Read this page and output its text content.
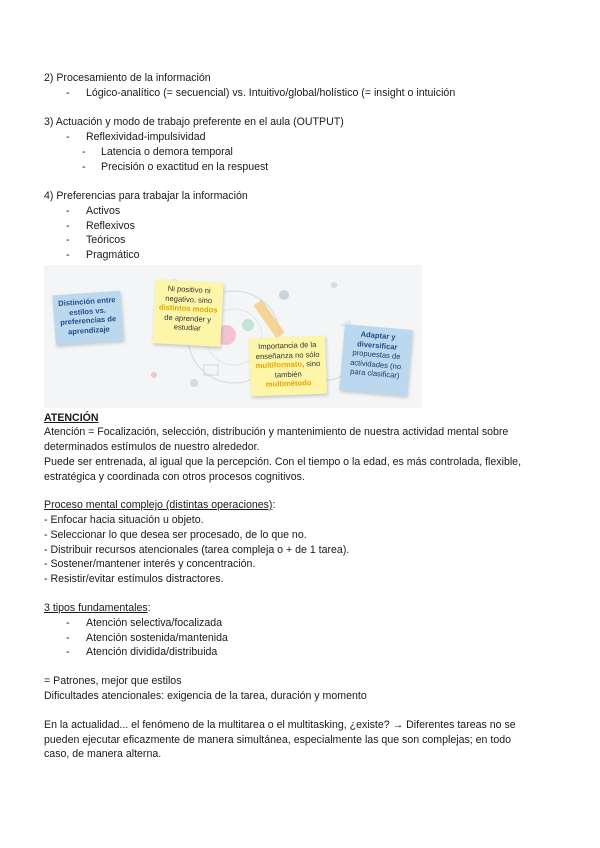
2) Procesamiento de la información
- Lógico-analítico (= secuencial) vs. Intuitivo/global/holístico (= insight o intuición
3) Actuación y modo de trabajo preferente en el aula (OUTPUT)
- Reflexividad-impulsividad
- Latencia o demora temporal
- Precisión o exactitud en la respuest
4) Preferencias para trabajar la información
- Activos
- Reflexivos
- Teóricos
- Pragmático
Distinción entre estilos vs. preferencias de aprendizaje
Ni positivo ni negativo, sino distintos modos de aprender y estudiar
Importancia de la enseñanza no sólo multiformato, sino también multimétodo
Adaptar y diversificar propuestas de actividades (no para clasificar)
ATENCIÓN
Atención = Focalización, selección, distribución y mantenimiento de nuestra actividad mental sobre
determinados estímulos de nuestro alrededor.
Puede ser entrenada, al igual que la percepción. Con el tiempo o la edad, es más controlada, flexible,
estratégica y coordinada con otros procesos cognitivos.
Proceso mental complejo (distintas operaciones):
- Enfocar hacia situación u objeto.
- Seleccionar lo que desea ser procesado, de lo que no.
- Distribuir recursos atencionales (tarea compleja o + de 1 tarea).
- Sostener/mantener interés y concentración.
- Resistir/evitar estímulos distractores.
3 tipos fundamentales:
- Atención selectiva/focalizada
- Atención sostenida/mantenida
- Atención dividida/distribuida
= Patrones, mejor que estilos
Dificultades atencionales: exigencia de la tarea, duración y momento
En la actualidad... el fenómeno de la multitarea o el multitasking, ¿existe? → Diferentes tareas no se
pueden ejecutar eficazmente de manera simultánea, especialmente las que son complejas; en todo
caso, de manera alterna.
